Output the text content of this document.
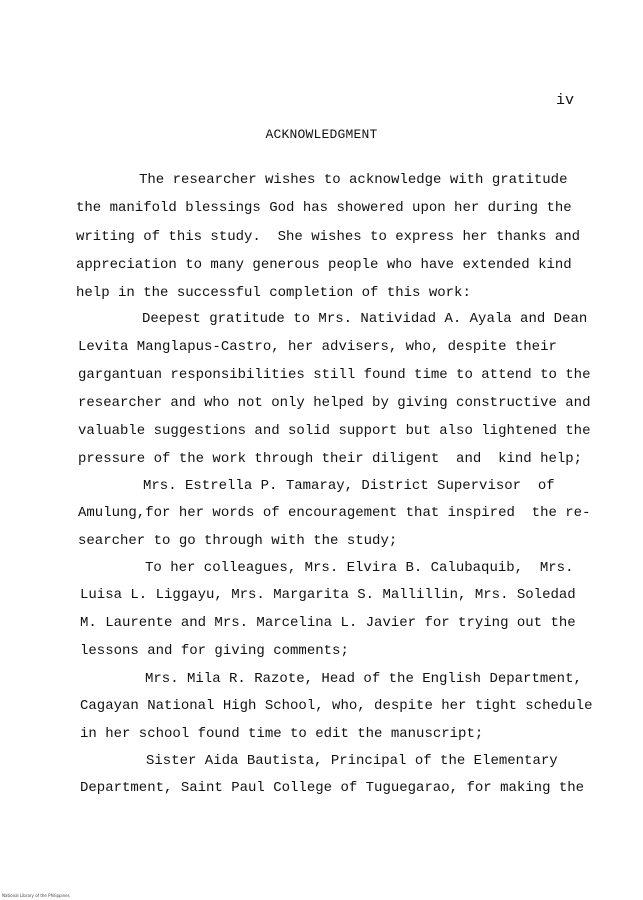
iv
ACKNOWLEDGMENT
The researcher wishes to acknowledge with gratitude
the manifold blessings God has showered upon her during the
writing of this study.  She wishes to express her thanks and
appreciation to many generous people who have extended kind
help in the successful completion of this work:
Deepest gratitude to Mrs. Natividad A. Ayala and Dean
Levita Manglapus-Castro, her advisers, who, despite their
gargantuan responsibilities still found time to attend to the
researcher and who not only helped by giving constructive and
valuable suggestions and solid support but also lightened the
pressure of the work through their diligent  and  kind help;
Mrs. Estrella P. Tamaray, District Supervisor  of
Amulung,for her words of encouragement that inspired  the re-
searcher to go through with the study;
To her colleagues, Mrs. Elvira B. Calubaquib,  Mrs.
Luisa L. Liggayu, Mrs. Margarita S. Mallillin, Mrs. Soledad
M. Laurente and Mrs. Marcelina L. Javier for trying out the
lessons and for giving comments;
Mrs. Mila R. Razote, Head of the English Department,
Cagayan National High School, who, despite her tight schedule
in her school found time to edit the manuscript;
Sister Aida Bautista, Principal of the Elementary
Department, Saint Paul College of Tuguegarao, for making the
National Library of the Philippines
